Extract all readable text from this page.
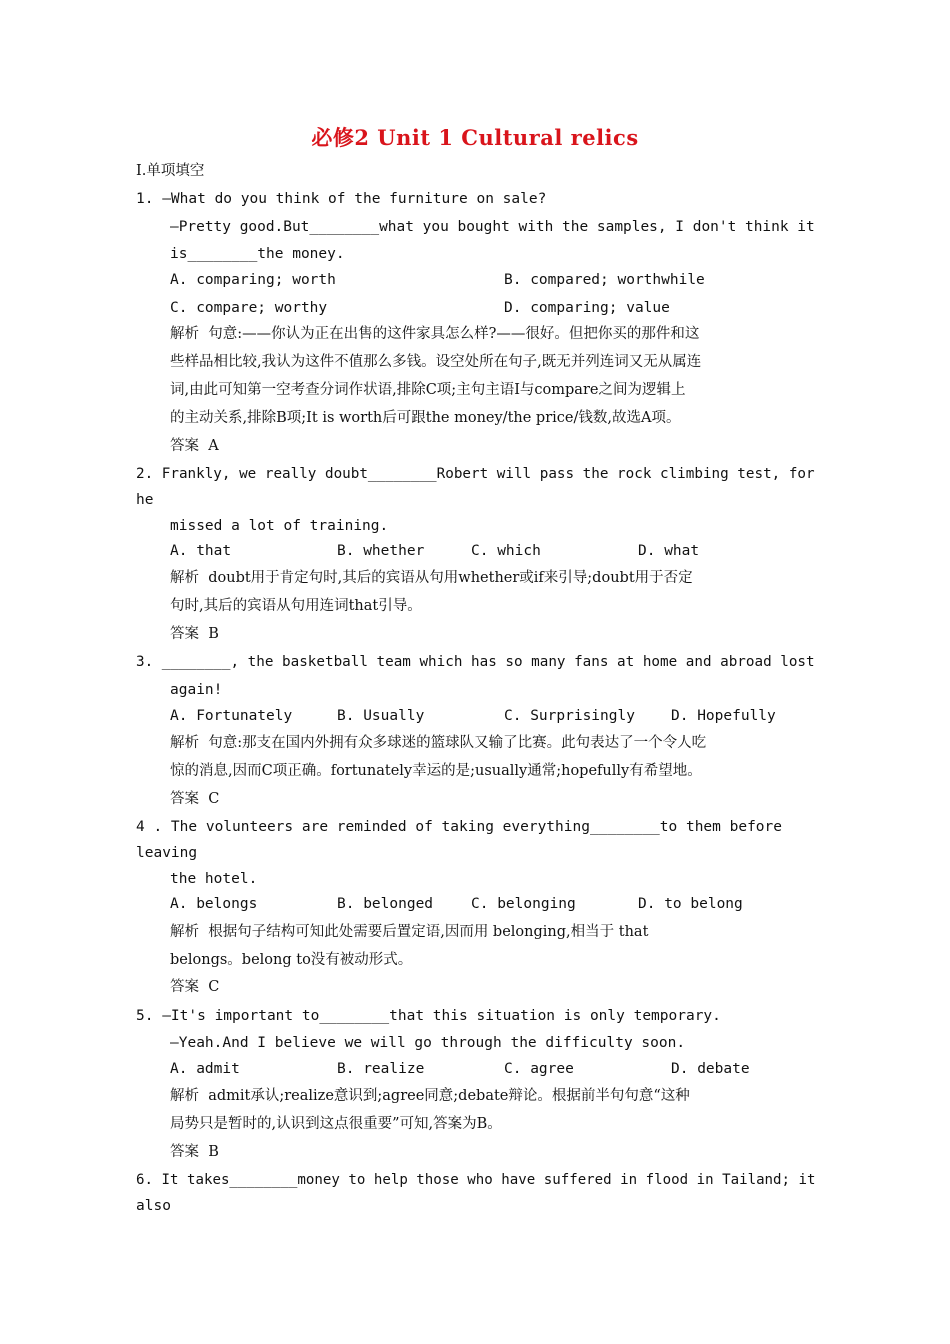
必修2 Unit 1 Cultural relics
Ⅰ.单项填空
1. —What do you think of the furniture on sale?
—Pretty good.But________what you bought with the samples, I don't think it
is________the money.
A. comparing; worth	B. compared; worthwhile
C. compare; worthy	D. comparing; value
解析  句意:——你认为正在出售的这件家具怎么样?——很好。但把你买的那件和这
些样品相比较,我认为这件不值那么多钱。设空处所在句子,既无并列连词又无从属连
词,由此可知第一空考查分词作状语,排除C项;主句主语I与compare之间为逻辑上
的主动关系,排除B项;It is worth后可跟the money/the price/钱数,故选A项。
答案  A
2. Frankly, we really doubt________Robert will pass the rock climbing test, for
he
missed a lot of training.
A. that	B. whether	C. which	D. what
解析  doubt用于肯定句时,其后的宾语从句用whether或if来引导;doubt用于否定
句时,其后的宾语从句用连词that引导。
答案  B
3. ________, the basketball team which has so many fans at home and abroad lost
again!
A. Fortunately	B. Usually	C. Surprisingly D. Hopefully
解析  句意:那支在国内外拥有众多球迷的篮球队又输了比赛。此句表达了一个令人吃
惊的消息,因而C项正确。fortunately幸运的是;usually通常;hopefully有希望地。
答案  C
4 . The volunteers are reminded of taking everything________to them before
leaving
the hotel.
A. belongs	B. belonged	C. belonging	D. to belong
解析  根据句子结构可知此处需要后置定语,因而用 belonging,相当于 that
belongs。belong to没有被动形式。
答案  C
5. —It's important to________that this situation is only temporary.
—Yeah.And I believe we will go through the difficulty soon.
A. admit	B. realize	C. agree	D. debate
解析  admit承认;realize意识到;agree同意;debate辩论。根据前半句句意“这种
局势只是暂时的,认识到这点很重要”可知,答案为B。
答案  B
6. It takes________money to help those who have suffered in flood in Tailand; it
also
